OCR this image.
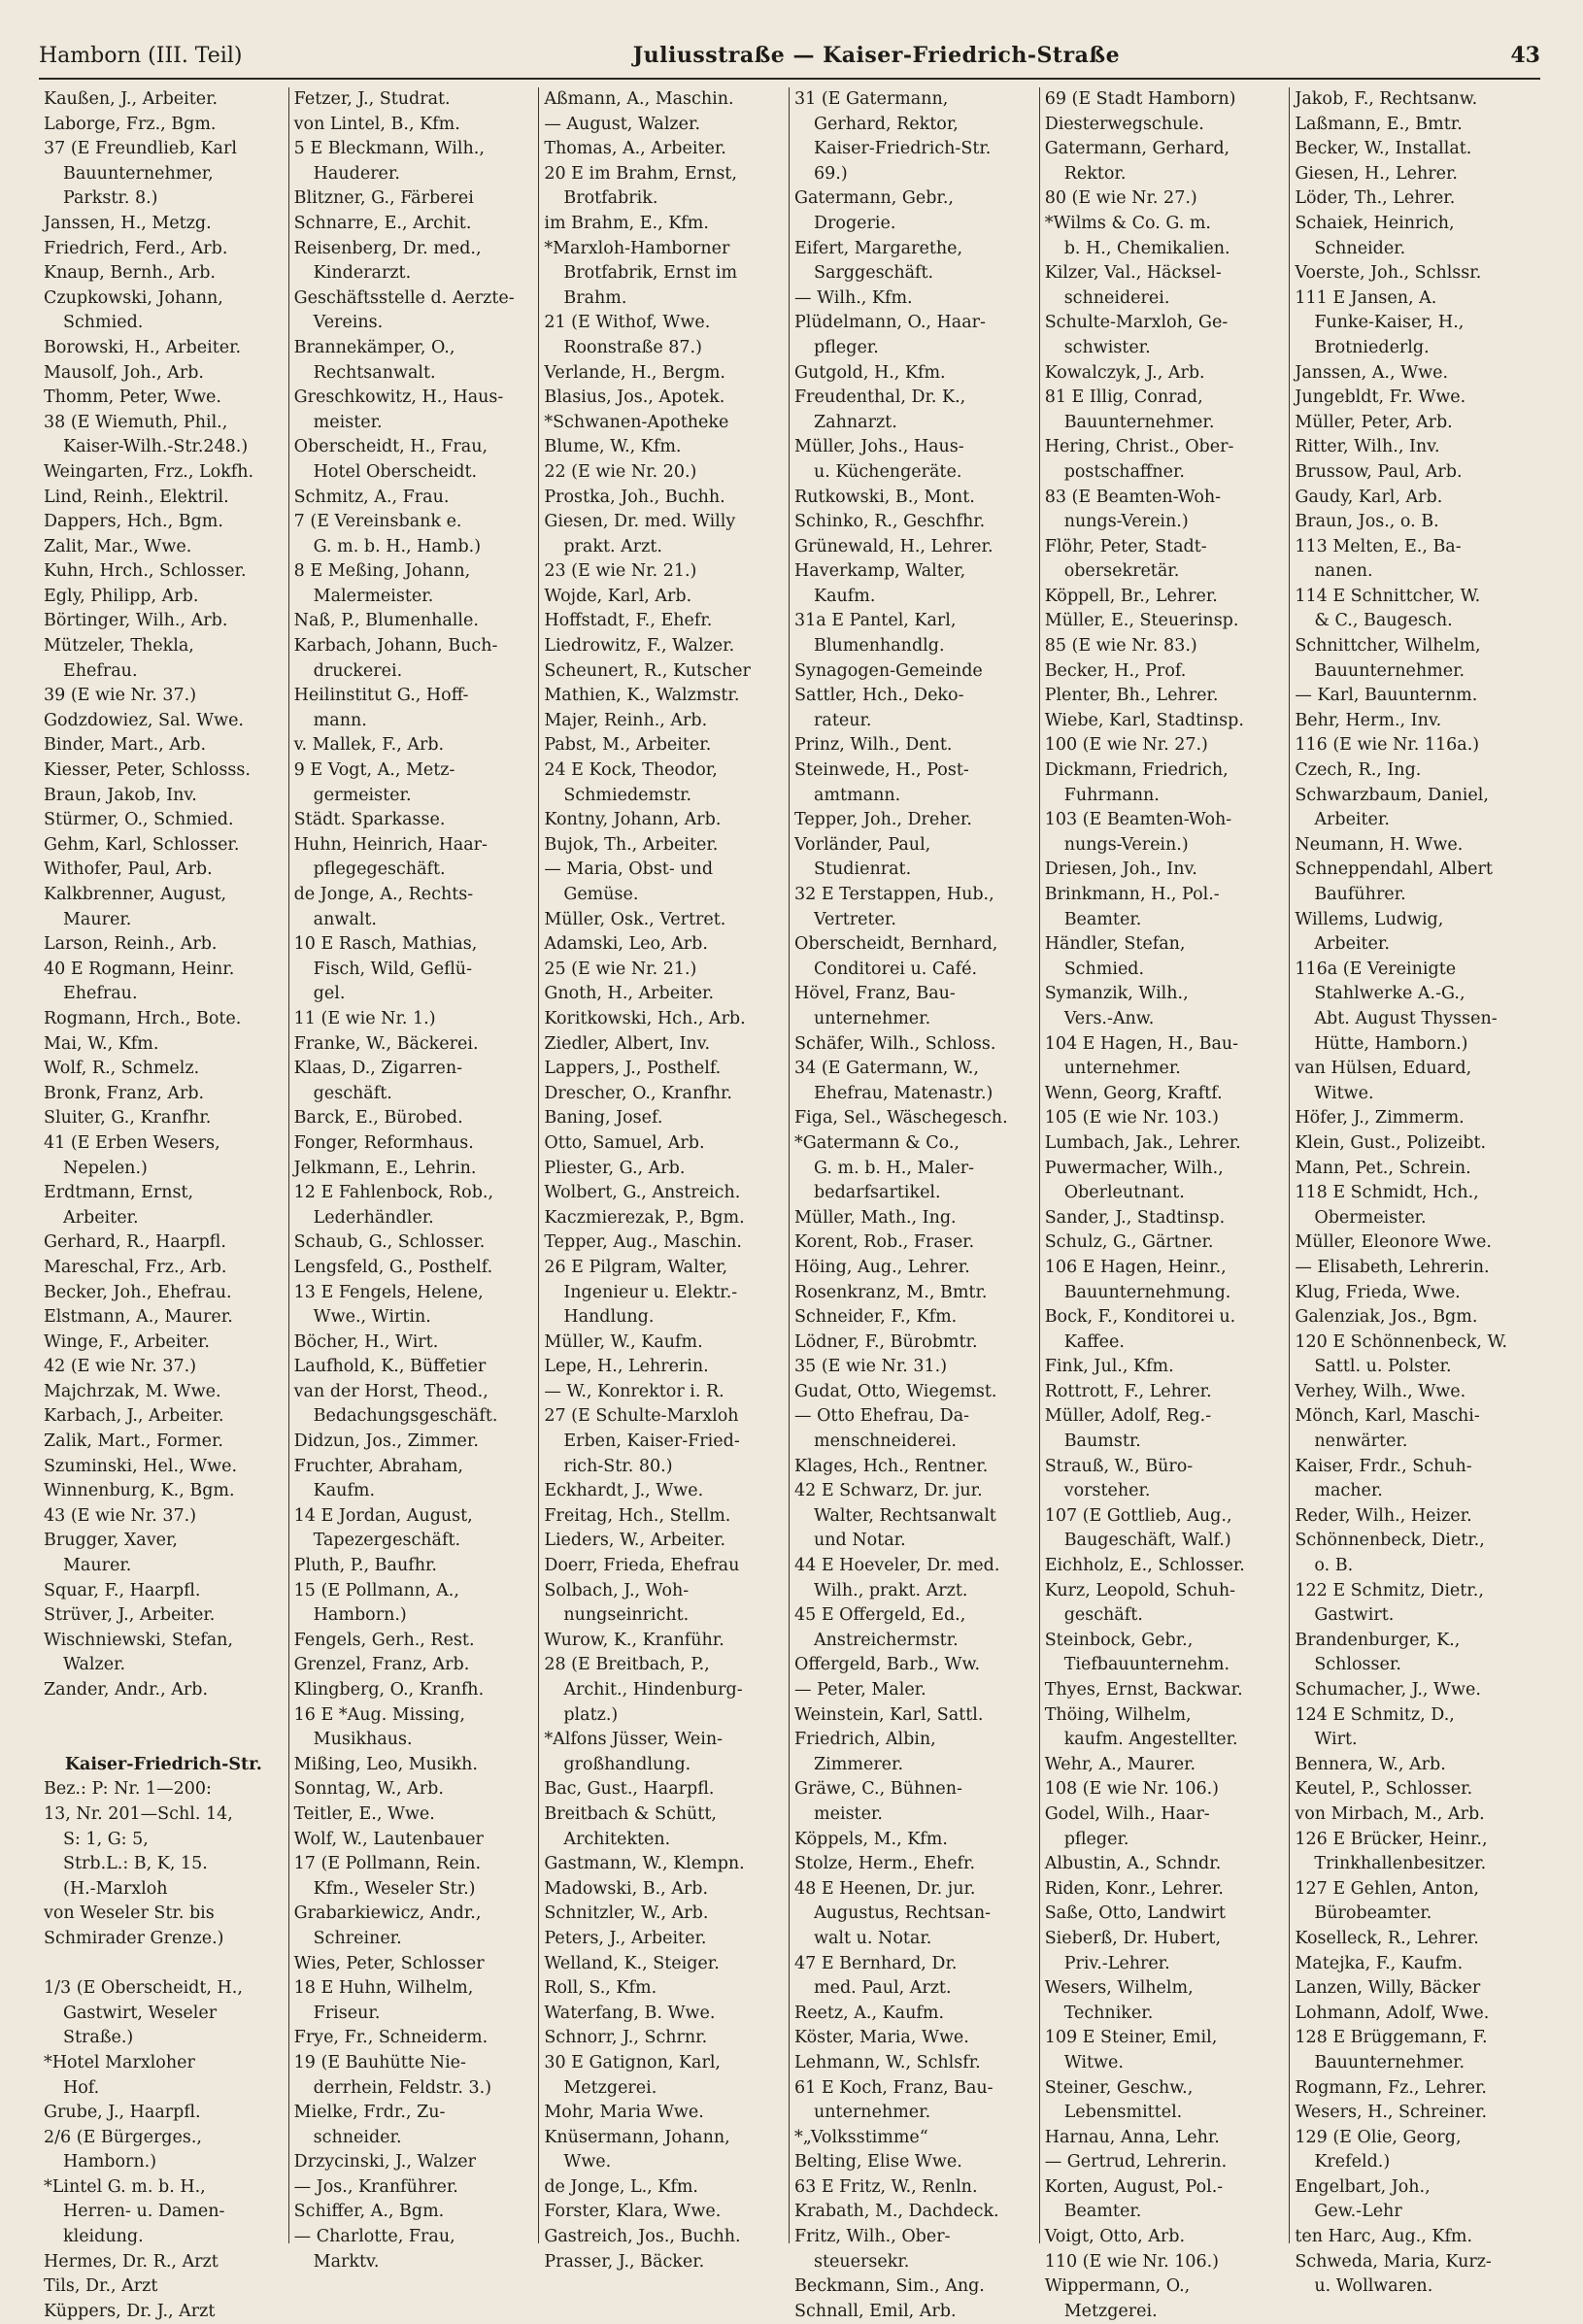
Hamborn (III. Teil)	Juliusstraße — Kaiser-Friedrich-Straße	43
Kaußen, J., Arbeiter.
Laborge, Frz., Bgm.
37 (E Freundlieb, Karl
Bauunternehmer,
Parkstr. 8.)
Janssen, H., Metzg.
Friedrich, Ferd., Arb.
Knaup, Bernh., Arb.
Czupkowski, Johann,
Schmied.
Borowski, H., Arbeiter.
Mausolf, Joh., Arb.
Thomm, Peter, Wwe.
38 (E Wiemuth, Phil.,
Kaiser-Wilh.-Str.248.)
Weingarten, Frz., Lokfh.
Lind, Reinh., Elektril.
Dappers, Hch., Bgm.
Zalit, Mar., Wwe.
Kuhn, Hrch., Schlosser.
Egly, Philipp, Arb.
Börtinger, Wilh., Arb.
Mützeler, Thekla,
Ehefrau.
39 (E wie Nr. 37.)
Godzdowiez, Sal. Wwe.
Binder, Mart., Arb.
Kiesser, Peter, Schlosss.
Braun, Jakob, Inv.
Stürmer, O., Schmied.
Gehm, Karl, Schlosser.
Withofer, Paul, Arb.
Kalkbrenner, August,
Maurer.
Larson, Reinh., Arb.
40 E Rogmann, Heinr.
Ehefrau.
Rogmann, Hrch., Bote.
Mai, W., Kfm.
Wolf, R., Schmelz.
Bronk, Franz, Arb.
Sluiter, G., Kranfhr.
41 (E Erben Wesers,
Nepelen.)
Erdtmann, Ernst,
Arbeiter.
Gerhard, R., Haarpfl.
Mareschal, Frz., Arb.
Becker, Joh., Ehefrau.
Elstmann, A., Maurer.
Winge, F., Arbeiter.
42 (E wie Nr. 37.)
Majchrzak, M. Wwe.
Karbach, J., Arbeiter.
Zalik, Mart., Former.
Szuminski, Hel., Wwe.
Winnenburg, K., Bgm.
43 (E wie Nr. 37.)
Brugger, Xaver,
Maurer.
Squar, F., Haarpfl.
Strüver, J., Arbeiter.
Wischniewski, Stefan,
Walzer.
Zander, Andr., Arb.
Kaiser-Friedrich-Str.
Bez.: P: Nr. 1—200:
13, Nr. 201—Schl. 14,
S: 1, G: 5,
Strb.L.: B, K, 15.
(H.-Marxloh
von Weseler Str. bis
Schmirader Grenze.)
1/3 (E Oberscheidt, H.,
Gastwirt, Weseler
Straße.)
*Hotel Marxloher
Hof.
Grube, J., Haarpfl.
2/6 (E Bürgerges.,
Hamborn.)
*Lintel G. m. b. H.,
Herren- u. Damen-
kleidung.
Hermes, Dr. R., Arzt
Tils, Dr., Arzt
Küppers, Dr. J., Arzt
Fetzer, J., Studrat.
von Lintel, B., Kfm.
5 E Bleckmann, Wilh.,
Hauderer.
Blitzner, G., Färberei
Schnarre, E., Archit.
Reisenberg, Dr. med.,
Kinderarzt.
Geschäftsstelle d. Aerzte-
Vereins.
Brannekämper, O.,
Rechtsanwalt.
Greschkowitz, H., Haus-
meister.
Oberscheidt, H., Frau,
Hotel Oberscheidt.
Schmitz, A., Frau.
7 (E Vereinsbank e.
G. m. b. H., Hamb.)
8 E Meßing, Johann,
Malermeister.
Naß, P., Blumenhalle.
Karbach, Johann, Buch-
druckerei.
Heilinstitut G., Hoff-
mann.
v. Mallek, F., Arb.
9 E Vogt, A., Metz-
germeister.
Städt. Sparkasse.
Huhn, Heinrich, Haar-
pflegegeschäft.
de Jonge, A., Rechts-
anwalt.
10 E Rasch, Mathias,
Fisch, Wild, Geflü-
gel.
11 (E wie Nr. 1.)
Franke, W., Bäckerei.
Klaas, D., Zigarren-
geschäft.
Barck, E., Bürobed.
Fonger, Reformhaus.
Jelkmann, E., Lehrin.
12 E Fahlenbock, Rob.,
Lederhändler.
Schaub, G., Schlosser.
Lengsfeld, G., Posthelf.
13 E Fengels, Helene,
Wwe., Wirtin.
Böcher, H., Wirt.
Laufhold, K., Büffetier
van der Horst, Theod.,
Bedachungsgeschäft.
Didzun, Jos., Zimmer.
Fruchter, Abraham,
Kaufm.
14 E Jordan, August,
Tapezergeschäft.
Pluth, P., Baufhr.
15 (E Pollmann, A.,
Hamborn.)
Fengels, Gerh., Rest.
Grenzel, Franz, Arb.
Klingberg, O., Kranfh.
16 E *Aug. Missing,
Musikhaus.
Mißing, Leo, Musikh.
Sonntag, W., Arb.
Teitler, E., Wwe.
Wolf, W., Lautenbauer
17 (E Pollmann, Rein.
Kfm., Weseler Str.)
Grabarkiewicz, Andr.,
Schreiner.
Wies, Peter, Schlosser
18 E Huhn, Wilhelm,
Friseur.
Frye, Fr., Schneiderm.
19 (E Bauhütte Nie-
derrhein, Feldstr. 3.)
Mielke, Frdr., Zu-
schneider.
Drzycinski, J., Walzer
— Jos., Kranführer.
Schiffer, A., Bgm.
— Charlotte, Frau,
Marktv.
Aßmann, A., Maschin.
— August, Walzer.
Thomas, A., Arbeiter.
20 E im Brahm, Ernst,
Brotfabrik.
im Brahm, E., Kfm.
*Marxloh-Hamborner
Brotfabrik, Ernst im
Brahm.
21 (E Withof, Wwe.
Roonstraße 87.)
Verlande, H., Bergm.
Blasius, Jos., Apotek.
*Schwanen-Apotheke
Blume, W., Kfm.
22 (E wie Nr. 20.)
Prostka, Joh., Buchh.
Giesen, Dr. med. Willy
prakt. Arzt.
23 (E wie Nr. 21.)
Wojde, Karl, Arb.
Hoffstadt, F., Ehefr.
Liedrowitz, F., Walzer.
Scheunert, R., Kutscher
Mathien, K., Walzmstr.
Majer, Reinh., Arb.
Pabst, M., Arbeiter.
24 E Kock, Theodor,
Schmiedemstr.
Kontny, Johann, Arb.
Bujok, Th., Arbeiter.
— Maria, Obst- und
Gemüse.
Müller, Osk., Vertret.
Adamski, Leo, Arb.
25 (E wie Nr. 21.)
Gnoth, H., Arbeiter.
Koritkowski, Hch., Arb.
Ziedler, Albert, Inv.
Lappers, J., Posthelf.
Drescher, O., Kranfhr.
Baning, Josef.
Otto, Samuel, Arb.
Pliester, G., Arb.
Wolbert, G., Anstreich.
Kaczmierezak, P., Bgm.
Tepper, Aug., Maschin.
26 E Pilgram, Walter,
Ingenieur u. Elektr.-
Handlung.
Müller, W., Kaufm.
Lepe, H., Lehrerin.
— W., Konrektor i. R.
27 (E Schulte-Marxloh
Erben, Kaiser-Fried-
rich-Str. 80.)
Eckhardt, J., Wwe.
Freitag, Hch., Stellm.
Lieders, W., Arbeiter.
Doerr, Frieda, Ehefrau
Solbach, J., Woh-
nungseinricht.
Wurow, K., Kranführ.
28 (E Breitbach, P.,
Archit., Hindenburg-
platz.)
*Alfons Jüsser, Wein-
großhandlung.
Bac, Gust., Haarpfl.
Breitbach & Schütt,
Architekten.
Gastmann, W., Klempn.
Madowski, B., Arb.
Schnitzler, W., Arb.
Peters, J., Arbeiter.
Welland, K., Steiger.
Roll, S., Kfm.
Waterfang, B. Wwe.
Schnorr, J., Schrnr.
30 E Gatignon, Karl,
Metzgerei.
Mohr, Maria Wwe.
Knüsermann, Johann,
Wwe.
de Jonge, L., Kfm.
Forster, Klara, Wwe.
Gastreich, Jos., Buchh.
Prasser, J., Bäcker.
31 (E Gatermann,
Gerhard, Rektor,
Kaiser-Friedrich-Str.
69.)
Gatermann, Gebr.,
Drogerie.
Eifert, Margarethe,
Sarggeschäft.
— Wilh., Kfm.
Plüdelmann, O., Haar-
pfleger.
Gutgold, H., Kfm.
Freudenthal, Dr. K.,
Zahnarzt.
Müller, Johs., Haus-
u. Küchengeräte.
Rutkowski, B., Mont.
Schinko, R., Geschfhr.
Grünewald, H., Lehrer.
Haverkamp, Walter,
Kaufm.
31a E Pantel, Karl,
Blumenhandlg.
Synagogen-Gemeinde
Sattler, Hch., Deko-
rateur.
Prinz, Wilh., Dent.
Steinwede, H., Post-
amtmann.
Tepper, Joh., Dreher.
Vorländer, Paul,
Studienrat.
32 E Terstappen, Hub.,
Vertreter.
Oberscheidt, Bernhard,
Conditorei u. Café.
Hövel, Franz, Bau-
unternehmer.
Schäfer, Wilh., Schloss.
34 (E Gatermann, W.,
Ehefrau, Matenastr.)
Figa, Sel., Wäschegesch.
*Gatermann & Co.,
G. m. b. H., Maler-
bedarfsartikel.
Müller, Math., Ing.
Korent, Rob., Fraser.
Höing, Aug., Lehrer.
Rosenkranz, M., Bmtr.
Schneider, F., Kfm.
Lödner, F., Bürobmtr.
35 (E wie Nr. 31.)
Gudat, Otto, Wiegemst.
— Otto Ehefrau, Da-
menschneiderei.
Klages, Hch., Rentner.
42 E Schwarz, Dr. jur.
Walter, Rechtsanwalt
und Notar.
44 E Hoeveler, Dr. med.
Wilh., prakt. Arzt.
45 E Offergeld, Ed.,
Anstreichermstr.
Offergeld, Barb., Ww.
— Peter, Maler.
Weinstein, Karl, Sattl.
Friedrich, Albin,
Zimmerer.
Gräwe, C., Bühnen-
meister.
Köppels, M., Kfm.
Stolze, Herm., Ehefr.
48 E Heenen, Dr. jur.
Augustus, Rechtsan-
walt u. Notar.
47 E Bernhard, Dr.
med. Paul, Arzt.
Reetz, A., Kaufm.
Köster, Maria, Wwe.
Lehmann, W., Schlsfr.
61 E Koch, Franz, Bau-
unternehmer.
*„Volksstimme“
Belting, Elise Wwe.
63 E Fritz, W., Renln.
Krabath, M., Dachdeck.
Fritz, Wilh., Ober-
steuersekr.
Beckmann, Sim., Ang.
Schnall, Emil, Arb.
69 (E Stadt Hamborn)
Diesterwegschule.
Gatermann, Gerhard,
Rektor.
80 (E wie Nr. 27.)
*Wilms & Co. G. m.
b. H., Chemikalien.
Kilzer, Val., Häcksel-
schneiderei.
Schulte-Marxloh, Ge-
schwister.
Kowalczyk, J., Arb.
81 E Illig, Conrad,
Bauunternehmer.
Hering, Christ., Ober-
postschaffner.
83 (E Beamten-Woh-
nungs-Verein.)
Flöhr, Peter, Stadt-
obersekretär.
Köppell, Br., Lehrer.
Müller, E., Steuerinsp.
85 (E wie Nr. 83.)
Becker, H., Prof.
Plenter, Bh., Lehrer.
Wiebe, Karl, Stadtinsp.
100 (E wie Nr. 27.)
Dickmann, Friedrich,
Fuhrmann.
103 (E Beamten-Woh-
nungs-Verein.)
Driesen, Joh., Inv.
Brinkmann, H., Pol.-
Beamter.
Händler, Stefan,
Schmied.
Symanzik, Wilh.,
Vers.-Anw.
104 E Hagen, H., Bau-
unternehmer.
Wenn, Georg, Kraftf.
105 (E wie Nr. 103.)
Lumbach, Jak., Lehrer.
Puwermacher, Wilh.,
Oberleutnant.
Sander, J., Stadtinsp.
Schulz, G., Gärtner.
106 E Hagen, Heinr.,
Bauunternehmung.
Bock, F., Konditorei u.
Kaffee.
Fink, Jul., Kfm.
Rottrott, F., Lehrer.
Müller, Adolf, Reg.-
Baumstr.
Strauß, W., Büro-
vorsteher.
107 (E Gottlieb, Aug.,
Baugeschäft, Walf.)
Eichholz, E., Schlosser.
Kurz, Leopold, Schuh-
geschäft.
Steinbock, Gebr.,
Tiefbauunternehm.
Thyes, Ernst, Backwar.
Thöing, Wilhelm,
kaufm. Angestellter.
Wehr, A., Maurer.
108 (E wie Nr. 106.)
Godel, Wilh., Haar-
pfleger.
Albustin, A., Schndr.
Riden, Konr., Lehrer.
Saße, Otto, Landwirt
Sieberß, Dr. Hubert,
Priv.-Lehrer.
Wesers, Wilhelm,
Techniker.
109 E Steiner, Emil,
Witwe.
Steiner, Geschw.,
Lebensmittel.
Harnau, Anna, Lehr.
— Gertrud, Lehrerin.
Korten, August, Pol.-
Beamter.
Voigt, Otto, Arb.
110 (E wie Nr. 106.)
Wippermann, O.,
Metzgerei.
Jakob, F., Rechtsanw.
Laßmann, E., Bmtr.
Becker, W., Installat.
Giesen, H., Lehrer.
Löder, Th., Lehrer.
Schaiek, Heinrich,
Schneider.
Voerste, Joh., Schlssr.
111 E Jansen, A.
Funke-Kaiser, H.,
Brotniederlg.
Janssen, A., Wwe.
Jungebldt, Fr. Wwe.
Müller, Peter, Arb.
Ritter, Wilh., Inv.
Brussow, Paul, Arb.
Gaudy, Karl, Arb.
Braun, Jos., o. B.
113 Melten, E., Ba-
nanen.
114 E Schnittcher, W.
& C., Baugesch.
Schnittcher, Wilhelm,
Bauunternehmer.
— Karl, Bauunternm.
Behr, Herm., Inv.
116 (E wie Nr. 116a.)
Czech, R., Ing.
Schwarzbaum, Daniel,
Arbeiter.
Neumann, H. Wwe.
Schneppendahl, Albert
Bauführer.
Willems, Ludwig,
Arbeiter.
116a (E Vereinigte
Stahlwerke A.-G.,
Abt. August Thyssen-
Hütte, Hamborn.)
van Hülsen, Eduard,
Witwe.
Höfer, J., Zimmerm.
Klein, Gust., Polizeibt.
Mann, Pet., Schrein.
118 E Schmidt, Hch.,
Obermeister.
Müller, Eleonore Wwe.
— Elisabeth, Lehrerin.
Klug, Frieda, Wwe.
Galenziak, Jos., Bgm.
120 E Schönnenbeck, W.
Sattl. u. Polster.
Verhey, Wilh., Wwe.
Mönch, Karl, Maschi-
nenwärter.
Kaiser, Frdr., Schuh-
macher.
Reder, Wilh., Heizer.
Schönnenbeck, Dietr.,
o. B.
122 E Schmitz, Dietr.,
Gastwirt.
Brandenburger, K.,
Schlosser.
Schumacher, J., Wwe.
124 E Schmitz, D.,
Wirt.
Bennera, W., Arb.
Keutel, P., Schlosser.
von Mirbach, M., Arb.
126 E Brücker, Heinr.,
Trinkhallenbesitzer.
127 E Gehlen, Anton,
Bürobeamter.
Koselleck, R., Lehrer.
Matejka, F., Kaufm.
Lanzen, Willy, Bäcker
Lohmann, Adolf, Wwe.
128 E Brüggemann, F.
Bauunternehmer.
Rogmann, Fz., Lehrer.
Wesers, H., Schreiner.
129 (E Olie, Georg,
Krefeld.)
Engelbart, Joh.,
Gew.-Lehr
ten Harc, Aug., Kfm.
Schweda, Maria, Kurz-
u. Wollwaren.
